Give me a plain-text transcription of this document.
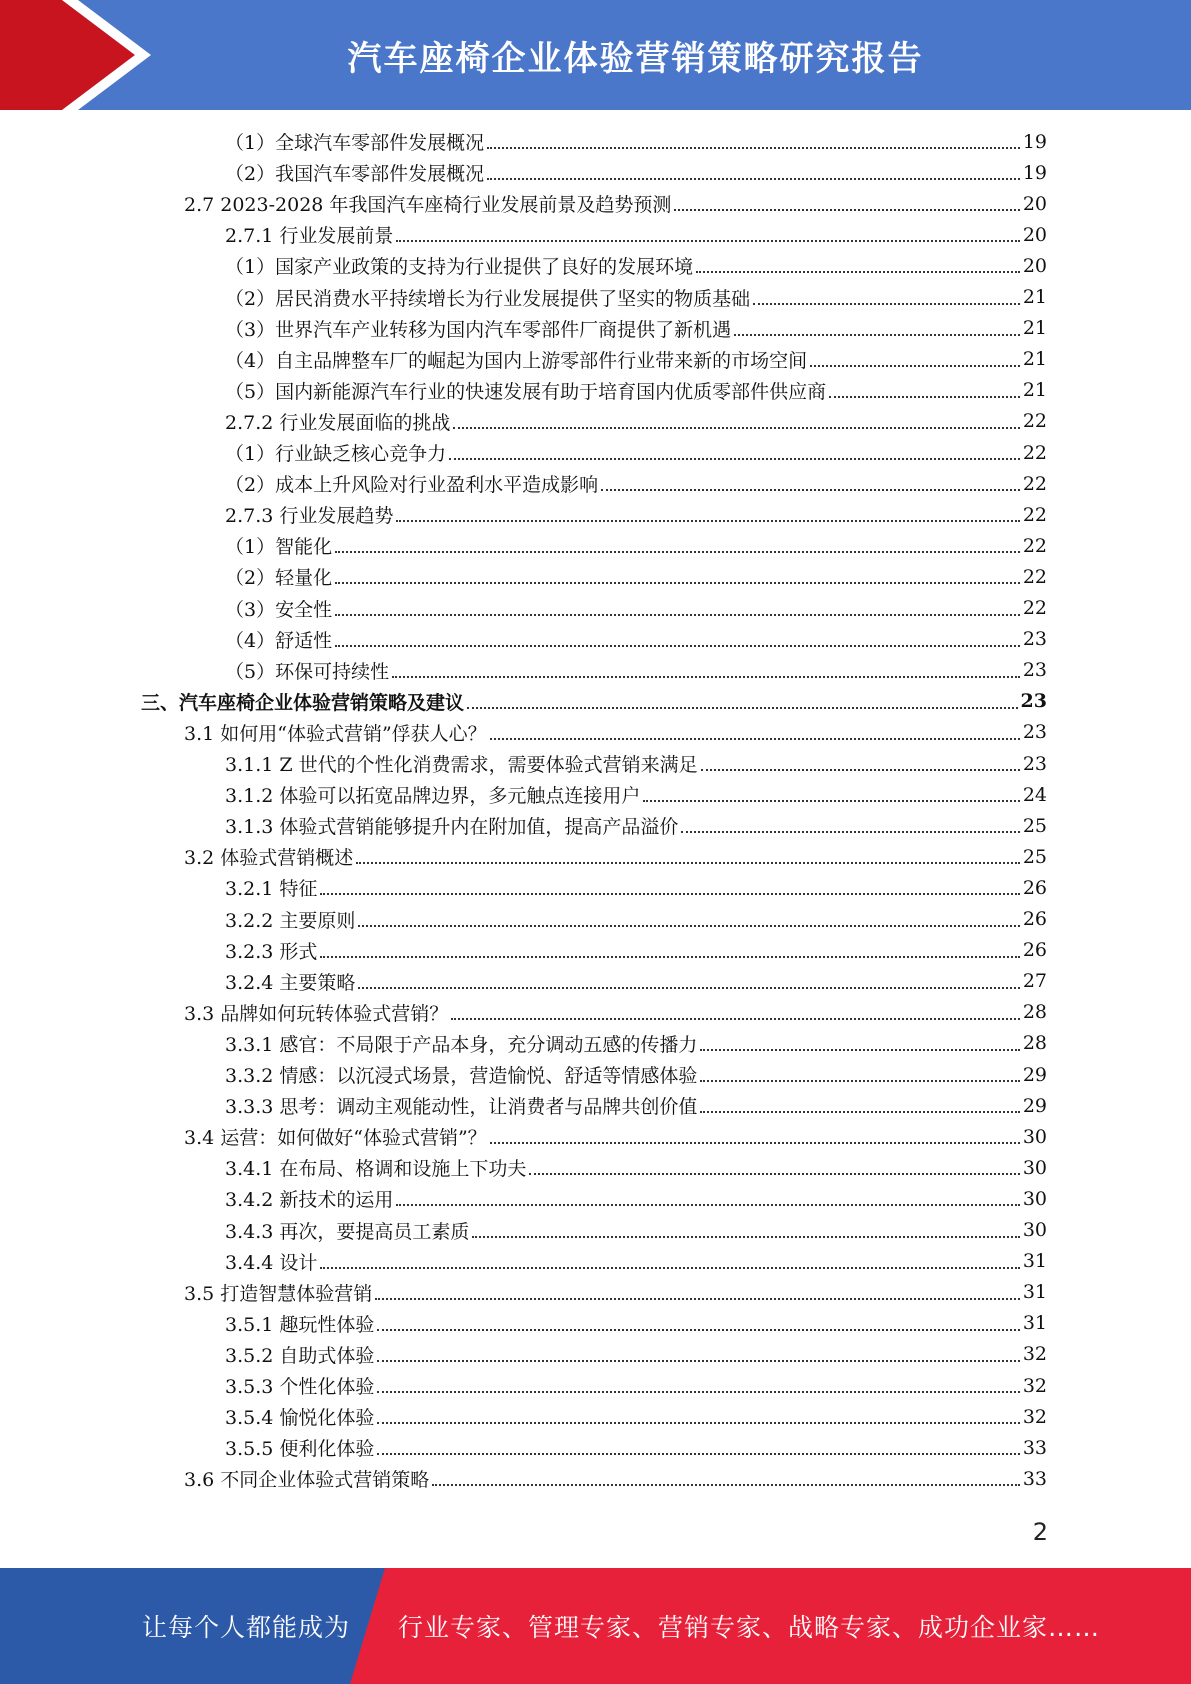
汽车座椅企业体验营销策略研究报告
（1）全球汽车零部件发展概况	19
（2）我国汽车零部件发展概况	19
2.7 2023-2028 年我国汽车座椅行业发展前景及趋势预测	20
2.7.1 行业发展前景	20
（1）国家产业政策的支持为行业提供了良好的发展环境	20
（2）居民消费水平持续增长为行业发展提供了坚实的物质基础	21
（3）世界汽车产业转移为国内汽车零部件厂商提供了新机遇	21
（4）自主品牌整车厂的崛起为国内上游零部件行业带来新的市场空间	21
（5）国内新能源汽车行业的快速发展有助于培育国内优质零部件供应商	21
2.7.2 行业发展面临的挑战	22
（1）行业缺乏核心竞争力	22
（2）成本上升风险对行业盈利水平造成影响	22
2.7.3 行业发展趋势	22
（1）智能化	22
（2）轻量化	22
（3）安全性	22
（4）舒适性	23
（5）环保可持续性	23
三、汽车座椅企业体验营销策略及建议	23
3.1 如何用“体验式营销”俘获人心？	23
3.1.1 Z 世代的个性化消费需求，需要体验式营销来满足	23
3.1.2 体验可以拓宽品牌边界，多元触点连接用户	24
3.1.3 体验式营销能够提升内在附加值，提高产品溢价	25
3.2 体验式营销概述	25
3.2.1 特征	26
3.2.2 主要原则	26
3.2.3 形式	26
3.2.4 主要策略	27
3.3 品牌如何玩转体验式营销？	28
3.3.1 感官：不局限于产品本身，充分调动五感的传播力	28
3.3.2 情感：以沉浸式场景，营造愉悦、舒适等情感体验	29
3.3.3 思考：调动主观能动性，让消费者与品牌共创价值	29
3.4 运营：如何做好“体验式营销”？	30
3.4.1 在布局、格调和设施上下功夫	30
3.4.2 新技术的运用	30
3.4.3 再次，要提高员工素质	30
3.4.4 设计	31
3.5 打造智慧体验营销	31
3.5.1 趣玩性体验	31
3.5.2 自助式体验	32
3.5.3 个性化体验	32
3.5.4 愉悦化体验	32
3.5.5 便利化体验	33
3.6 不同企业体验式营销策略	33
2
让每个人都能成为 行业专家、管理专家、营销专家、战略专家、成功企业家……
